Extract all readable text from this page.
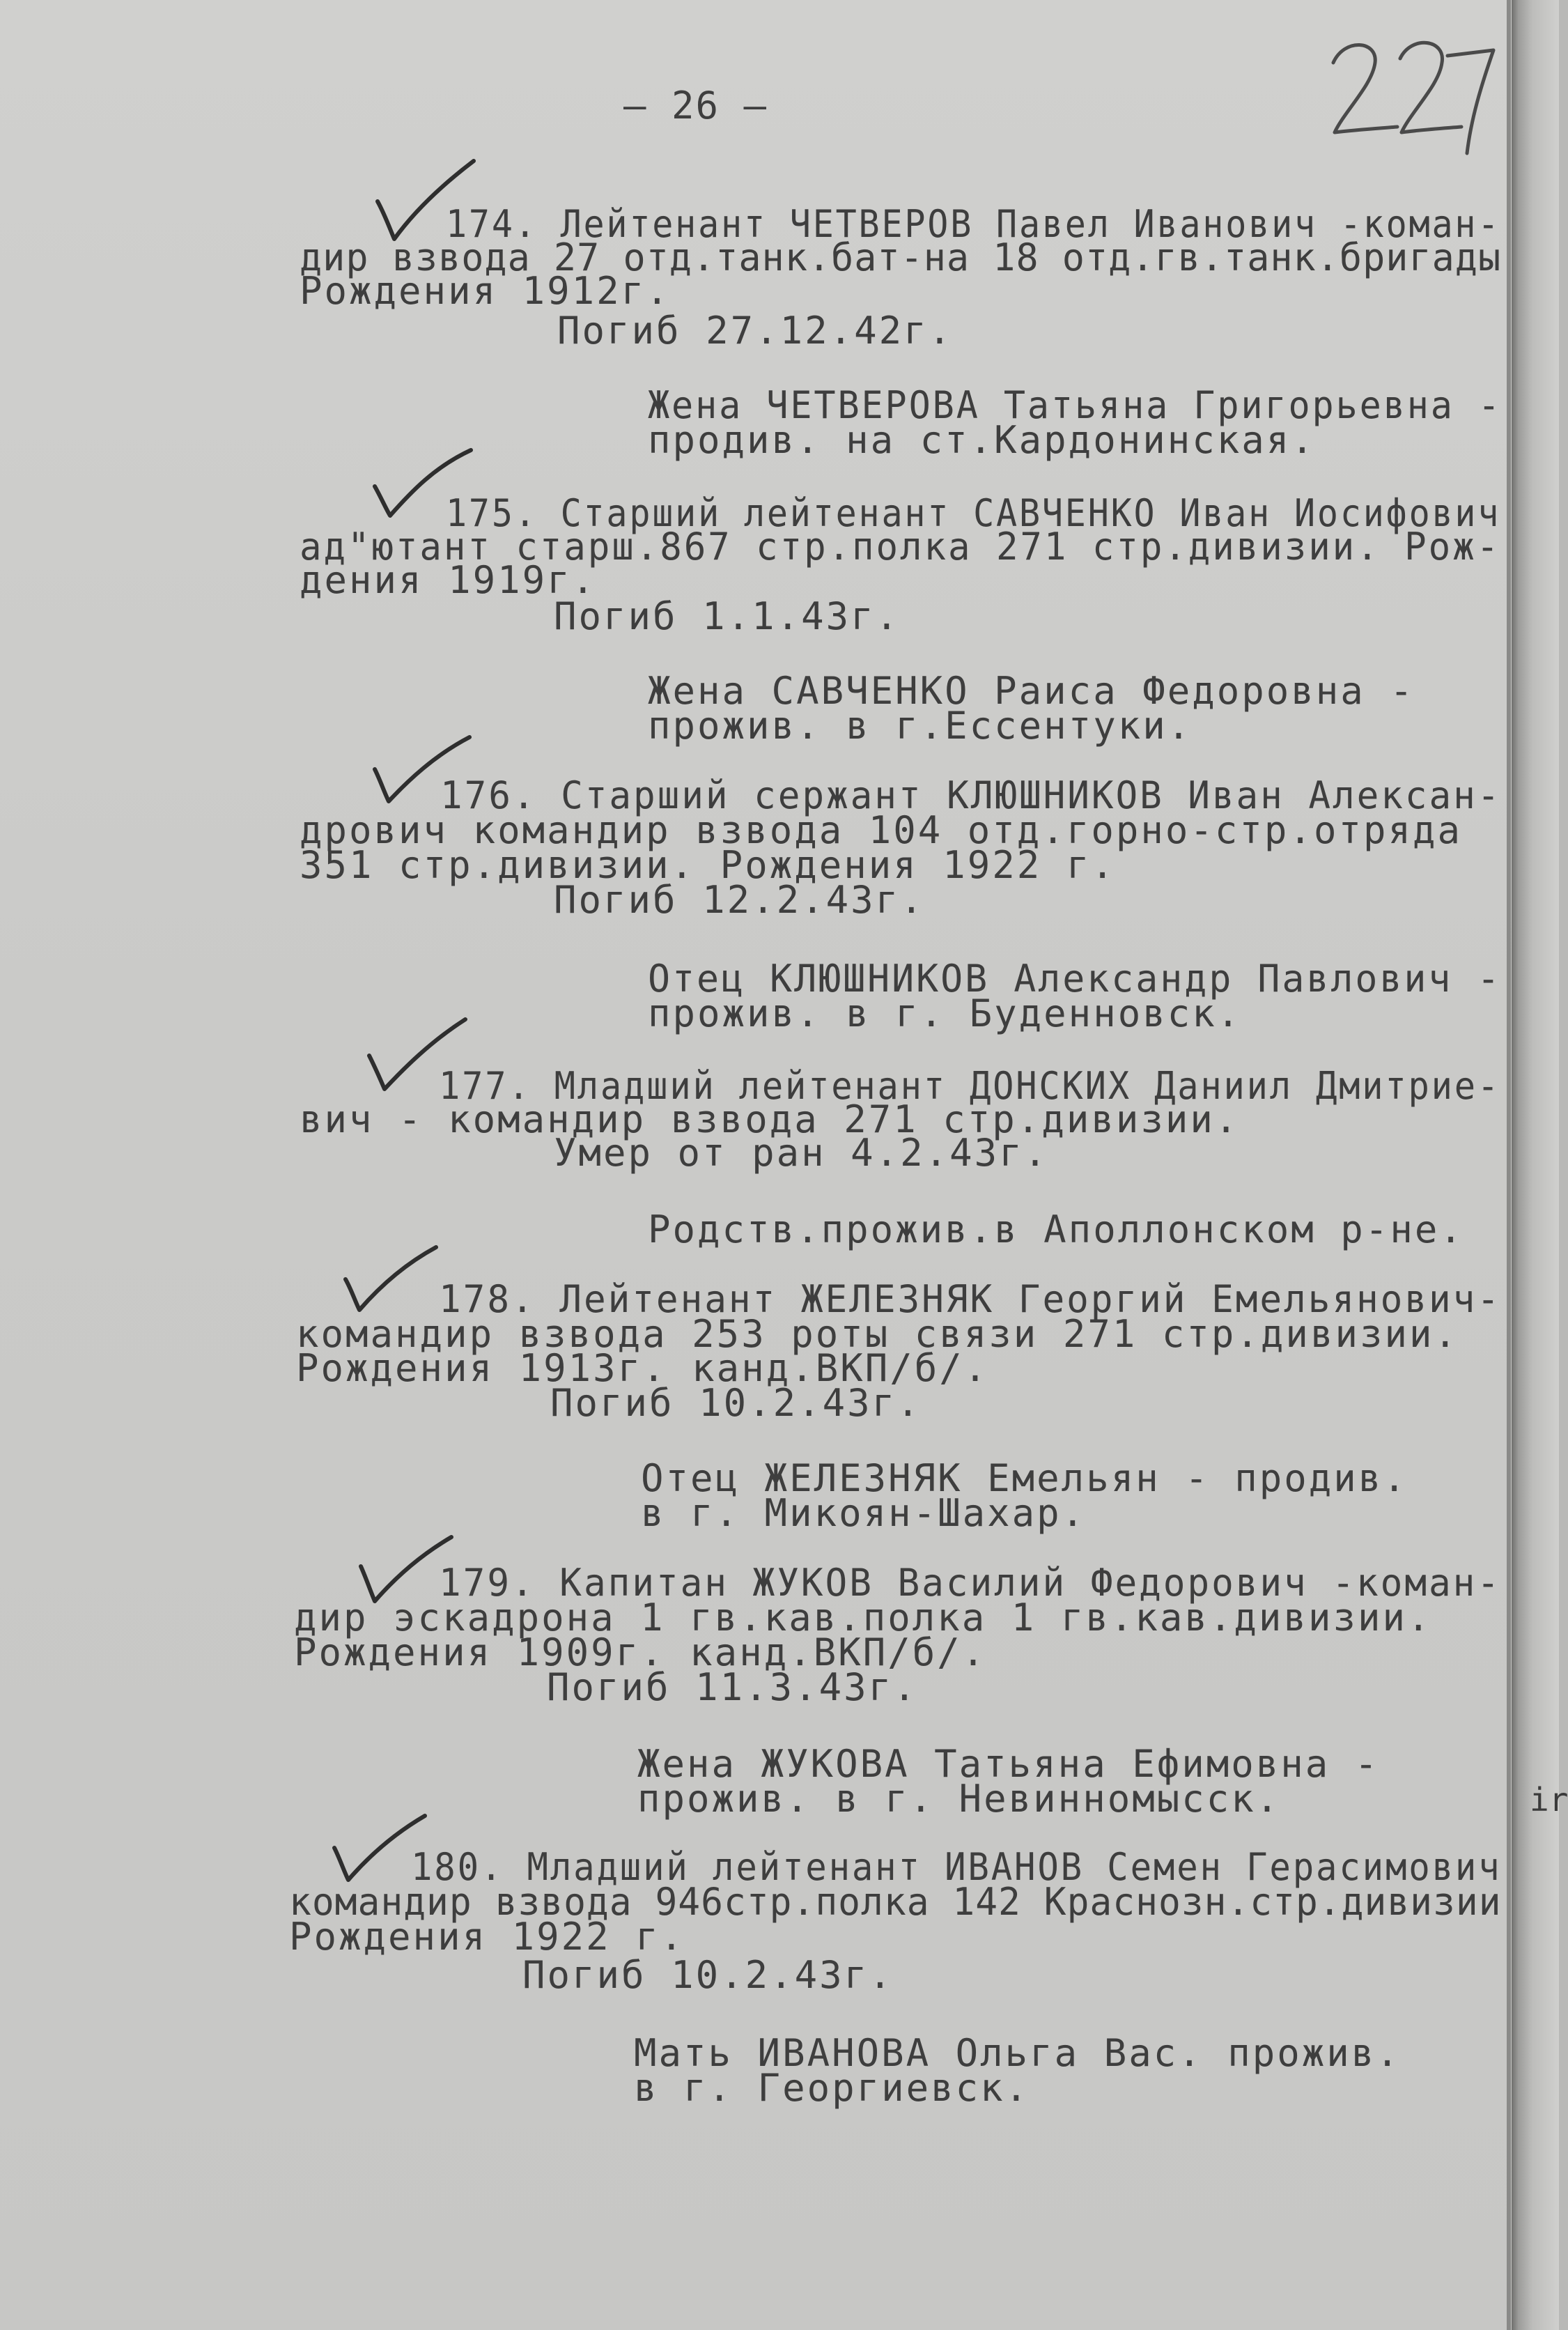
— 26 —
ir
174. Лейтенант ЧЕТВЕРОВ Павел Иванович -коман-
дир взвода 27 отд.танк.бат-на 18 отд.гв.танк.бригады
Рождения 1912г.
Погиб 27.12.42г.
Жена ЧЕТВЕРОВА Татьяна Григорьевна -
продив. на ст.Кардонинская.
175. Старший лейтенант САВЧЕНКО Иван Иосифович
ад"ютант старш.867 стр.полка 271 стр.дивизии. Рож-
дения 1919г.
Погиб 1.1.43г.
Жена САВЧЕНКО Раиса Федоровна -
прожив. в г.Ессентуки.
176. Старший сержант КЛЮШНИКОВ Иван Алексан-
дрович командир взвода 104 отд.горно-стр.отряда
351 стр.дивизии. Рождения 1922 г.
Погиб 12.2.43г.
Отец КЛЮШНИКОВ Александр Павлович -
прожив. в г. Буденновск.
177. Младший лейтенант ДОНСКИХ Даниил Дмитрие-
вич - командир взвода 271 стр.дивизии.
Умер от ран 4.2.43г.
Родств.прожив.в Аполлонском р-не.
178. Лейтенант ЖЕЛЕЗНЯК Георгий Емельянович-
командир взвода 253 роты связи 271 стр.дивизии.
Рождения 1913г. канд.ВКП/б/.
Погиб 10.2.43г.
Отец ЖЕЛЕЗНЯК Емельян - продив.
в г. Микоян-Шахар.
179. Капитан ЖУКОВ Василий Федорович -коман-
дир эскадрона 1 гв.кав.полка 1 гв.кав.дивизии.
Рождения 1909г. канд.ВКП/б/.
Погиб 11.3.43г.
Жена ЖУКОВА Татьяна Ефимовна -
прожив. в г. Невинномысск.
180. Младший лейтенант ИВАНОВ Семен Герасимович
командир взвода 946стр.полка 142 Краснозн.стр.дивизии
Рождения 1922 г.
Погиб 10.2.43г.
Мать ИВАНОВА Ольга Вас. прожив.
в г. Георгиевск.
